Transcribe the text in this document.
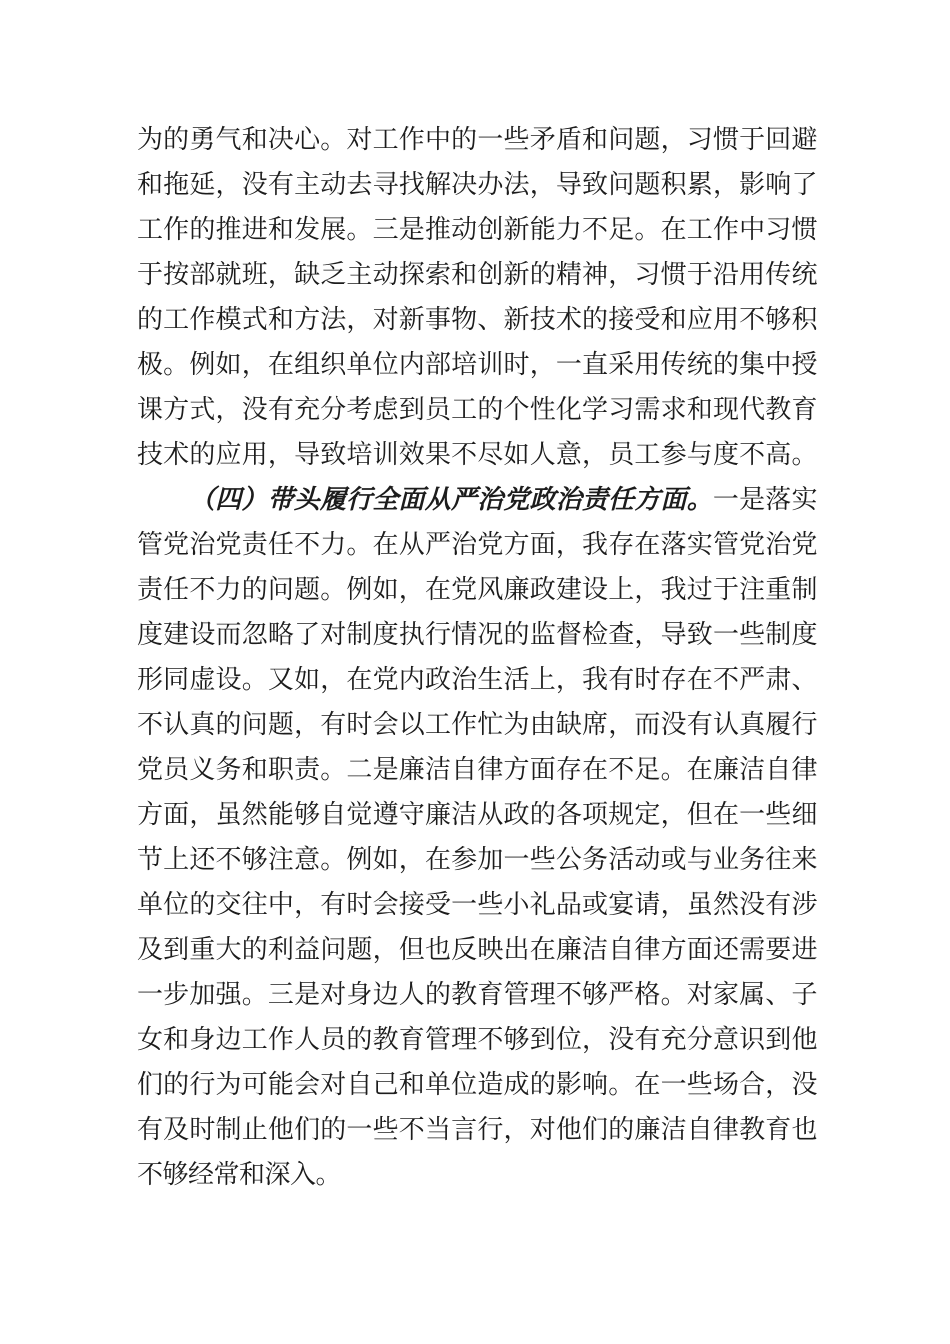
为的勇气和决心。对工作中的一些矛盾和问题，习惯于回避
和拖延，没有主动去寻找解决办法，导致问题积累，影响了
工作的推进和发展。三是推动创新能力不足。在工作中习惯
于按部就班，缺乏主动探索和创新的精神，习惯于沿用传统
的工作模式和方法，对新事物、新技术的接受和应用不够积
极。例如，在组织单位内部培训时，一直采用传统的集中授
课方式，没有充分考虑到员工的个性化学习需求和现代教育
技术的应用，导致培训效果不尽如人意，员工参与度不高。
（四）带头履行全面从严治党政治责任方面。一是落实
管党治党责任不力。在从严治党方面，我存在落实管党治党
责任不力的问题。例如，在党风廉政建设上，我过于注重制
度建设而忽略了对制度执行情况的监督检查，导致一些制度
形同虚设。又如，在党内政治生活上，我有时存在不严肃、
不认真的问题，有时会以工作忙为由缺席，而没有认真履行
党员义务和职责。二是廉洁自律方面存在不足。在廉洁自律
方面，虽然能够自觉遵守廉洁从政的各项规定，但在一些细
节上还不够注意。例如，在参加一些公务活动或与业务往来
单位的交往中，有时会接受一些小礼品或宴请，虽然没有涉
及到重大的利益问题，但也反映出在廉洁自律方面还需要进
一步加强。三是对身边人的教育管理不够严格。对家属、子
女和身边工作人员的教育管理不够到位，没有充分意识到他
们的行为可能会对自己和单位造成的影响。在一些场合，没
有及时制止他们的一些不当言行，对他们的廉洁自律教育也
不够经常和深入。
